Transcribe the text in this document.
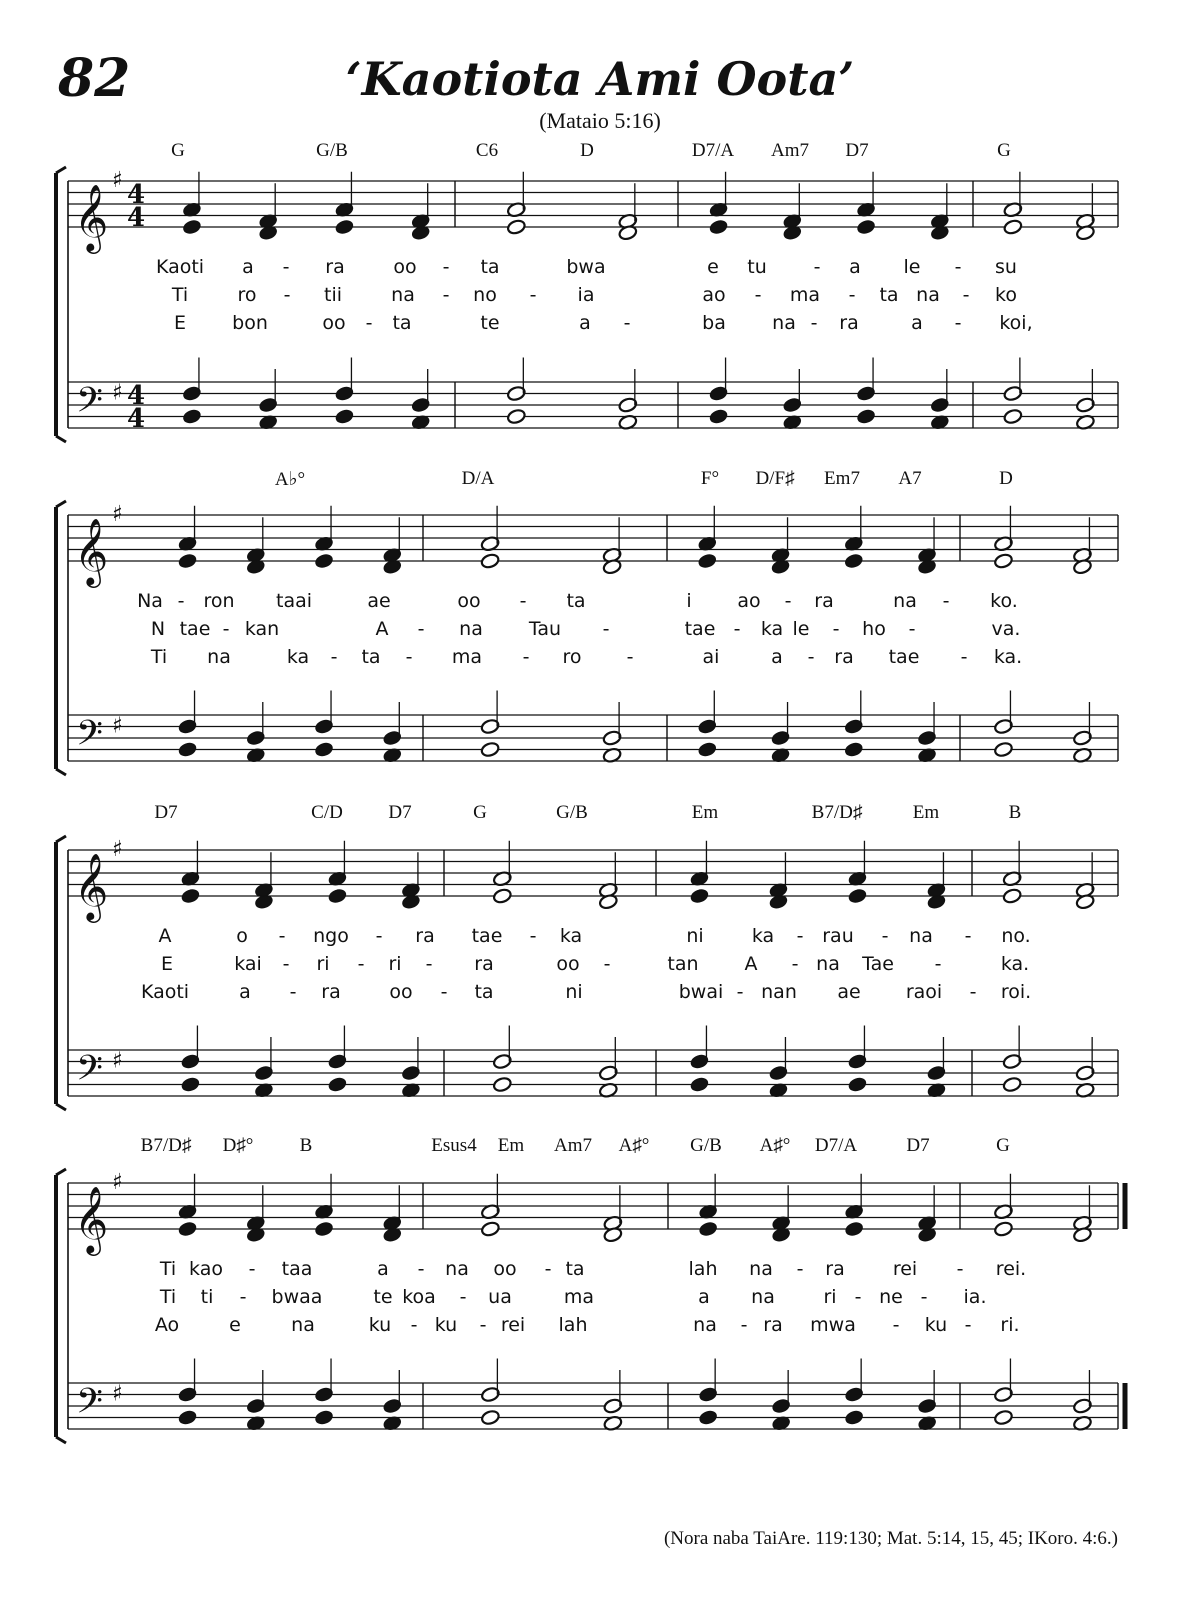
82	‘Kaotiota Ami Oota’
(Mataio 5:16)
𝄞
𝄢
♯
♯
4
4
4
4
𝄞
𝄢
♯
♯
𝄞
𝄢
♯
♯
𝄞
𝄢
♯
♯
(Nora naba TaiAre. 119:130; Mat. 5:14, 15, 45; IKoro. 4:6.)
G	G/B	C6	D	D7/A Am7 D7	G
Kaoti a - ra	oo - ta	bwa	e tu - a le - su
Ti	ro - tii	na - no - ia	ao - ma - ta na - ko
E bon	oo - ta	te	a -	ba na - ra	a - koi,
A♭°	D/A	F° D/F♯ Em7 A7	D
Na - ron taai	ae	oo - ta	i ao - ra	na - ko.
N tae - kan	A - na Tau -	tae - ka le - ho -	va.
Ti na	ka - ta - ma - ro -	ai	a - ra tae - ka.
D7	C/D D7	G	G/B	Em	B7/D♯	Em	B
A	o - ngo - ra tae - ka	ni	ka - rau - na - no.
E	kai - ri - ri - ra	oo -	tan A - na Tae -	ka.
Kaoti	a - ra	oo - ta	ni	bwai - nan ae raoi - roi.
B7/D♯ D♯° B	Esus4 Em Am7 A♯° G/B A♯° D7/A	D7	G
Ti kao - taa	a - na oo - ta	lah na - ra	rei - rei.
Ti ti - bwaa	te koa - ua	ma	a na	ri - ne - ia.
Ao	e	na	ku - ku - rei lah	na - ra mwa - ku - ri.
